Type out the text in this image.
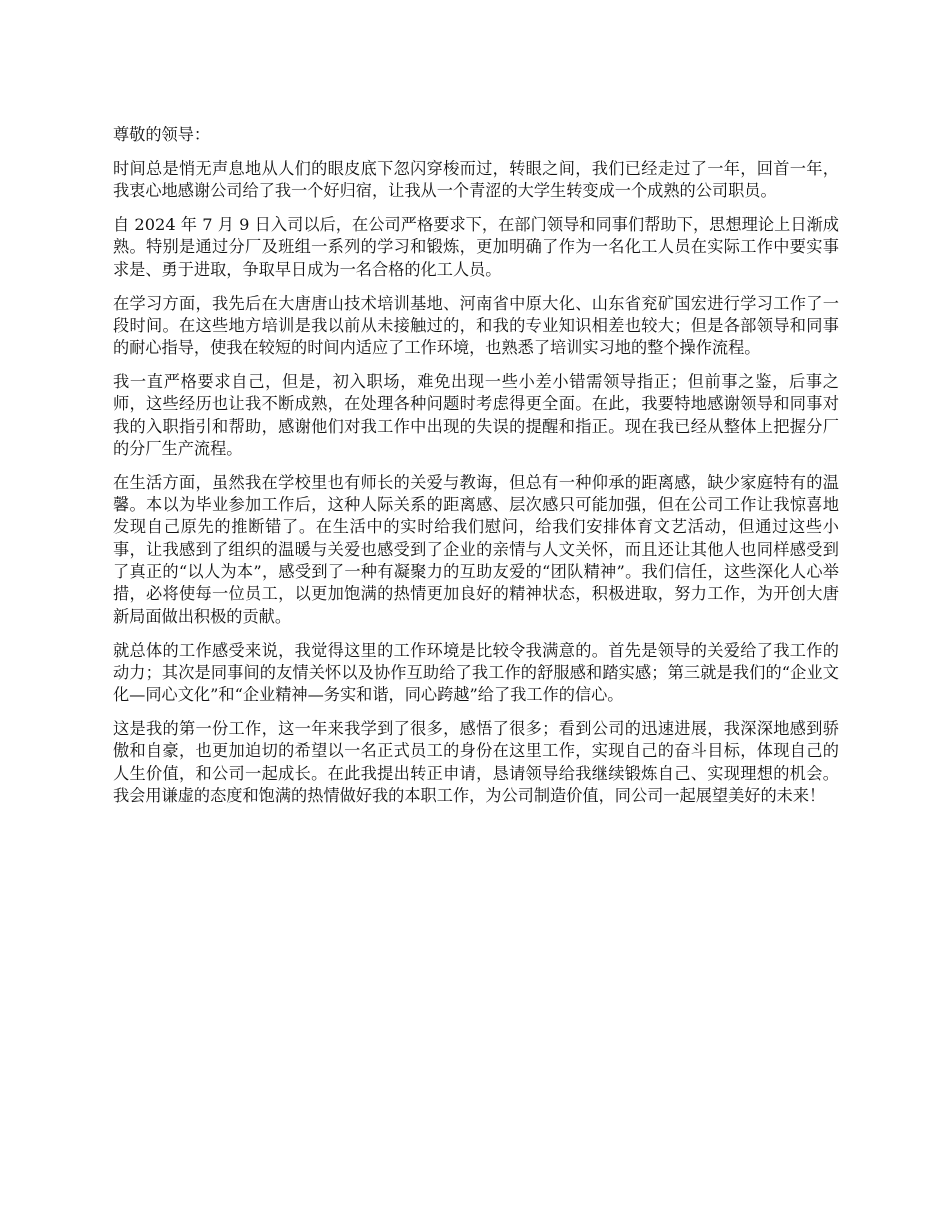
尊敬的领导：

时间总是悄无声息地从人们的眼皮底下忽闪穿梭而过，转眼之间，我们已经走过了一年，回首一年，我衷心地感谢公司给了我一个好归宿，让我从一个青涩的大学生转变成一个成熟的公司职员。

自 2024 年 7 月 9 日入司以后，在公司严格要求下，在部门领导和同事们帮助下，思想理论上日渐成熟。特别是通过分厂及班组一系列的学习和锻炼，更加明确了作为一名化工人员在实际工作中要实事求是、勇于进取，争取早日成为一名合格的化工人员。

在学习方面，我先后在大唐唐山技术培训基地、河南省中原大化、山东省兖矿国宏进行学习工作了一段时间。在这些地方培训是我以前从未接触过的，和我的专业知识相差也较大；但是各部领导和同事的耐心指导，使我在较短的时间内适应了工作环境，也熟悉了培训实习地的整个操作流程。

我一直严格要求自己，但是，初入职场，难免出现一些小差小错需领导指正；但前事之鉴，后事之师，这些经历也让我不断成熟，在处理各种问题时考虑得更全面。在此，我要特地感谢领导和同事对我的入职指引和帮助，感谢他们对我工作中出现的失误的提醒和指正。现在我已经从整体上把握分厂的分厂生产流程。

在生活方面，虽然我在学校里也有师长的关爱与教诲，但总有一种仰承的距离感，缺少家庭特有的温馨。本以为毕业参加工作后，这种人际关系的距离感、层次感只可能加强，但在公司工作让我惊喜地发现自己原先的推断错了。在生活中的实时给我们慰问，给我们安排体育文艺活动，但通过这些小事，让我感到了组织的温暖与关爱也感受到了企业的亲情与人文关怀，而且还让其他人也同样感受到了真正的“以人为本”，感受到了一种有凝聚力的互助友爱的“团队精神”。我们信任，这些深化人心举措，必将使每一位员工，以更加饱满的热情更加良好的精神状态，积极进取，努力工作，为开创大唐新局面做出积极的贡献。

就总体的工作感受来说，我觉得这里的工作环境是比较令我满意的。首先是领导的关爱给了我工作的动力；其次是同事间的友情关怀以及协作互助给了我工作的舒服感和踏实感；第三就是我们的“企业文化—同心文化”和“企业精神—务实和谐，同心跨越”给了我工作的信心。

这是我的第一份工作，这一年来我学到了很多，感悟了很多；看到公司的迅速进展，我深深地感到骄傲和自豪，也更加迫切的希望以一名正式员工的身份在这里工作，实现自己的奋斗目标，体现自己的人生价值，和公司一起成长。在此我提出转正申请，恳请领导给我继续锻炼自己、实现理想的机会。我会用谦虚的态度和饱满的热情做好我的本职工作，为公司制造价值，同公司一起展望美好的未来！
